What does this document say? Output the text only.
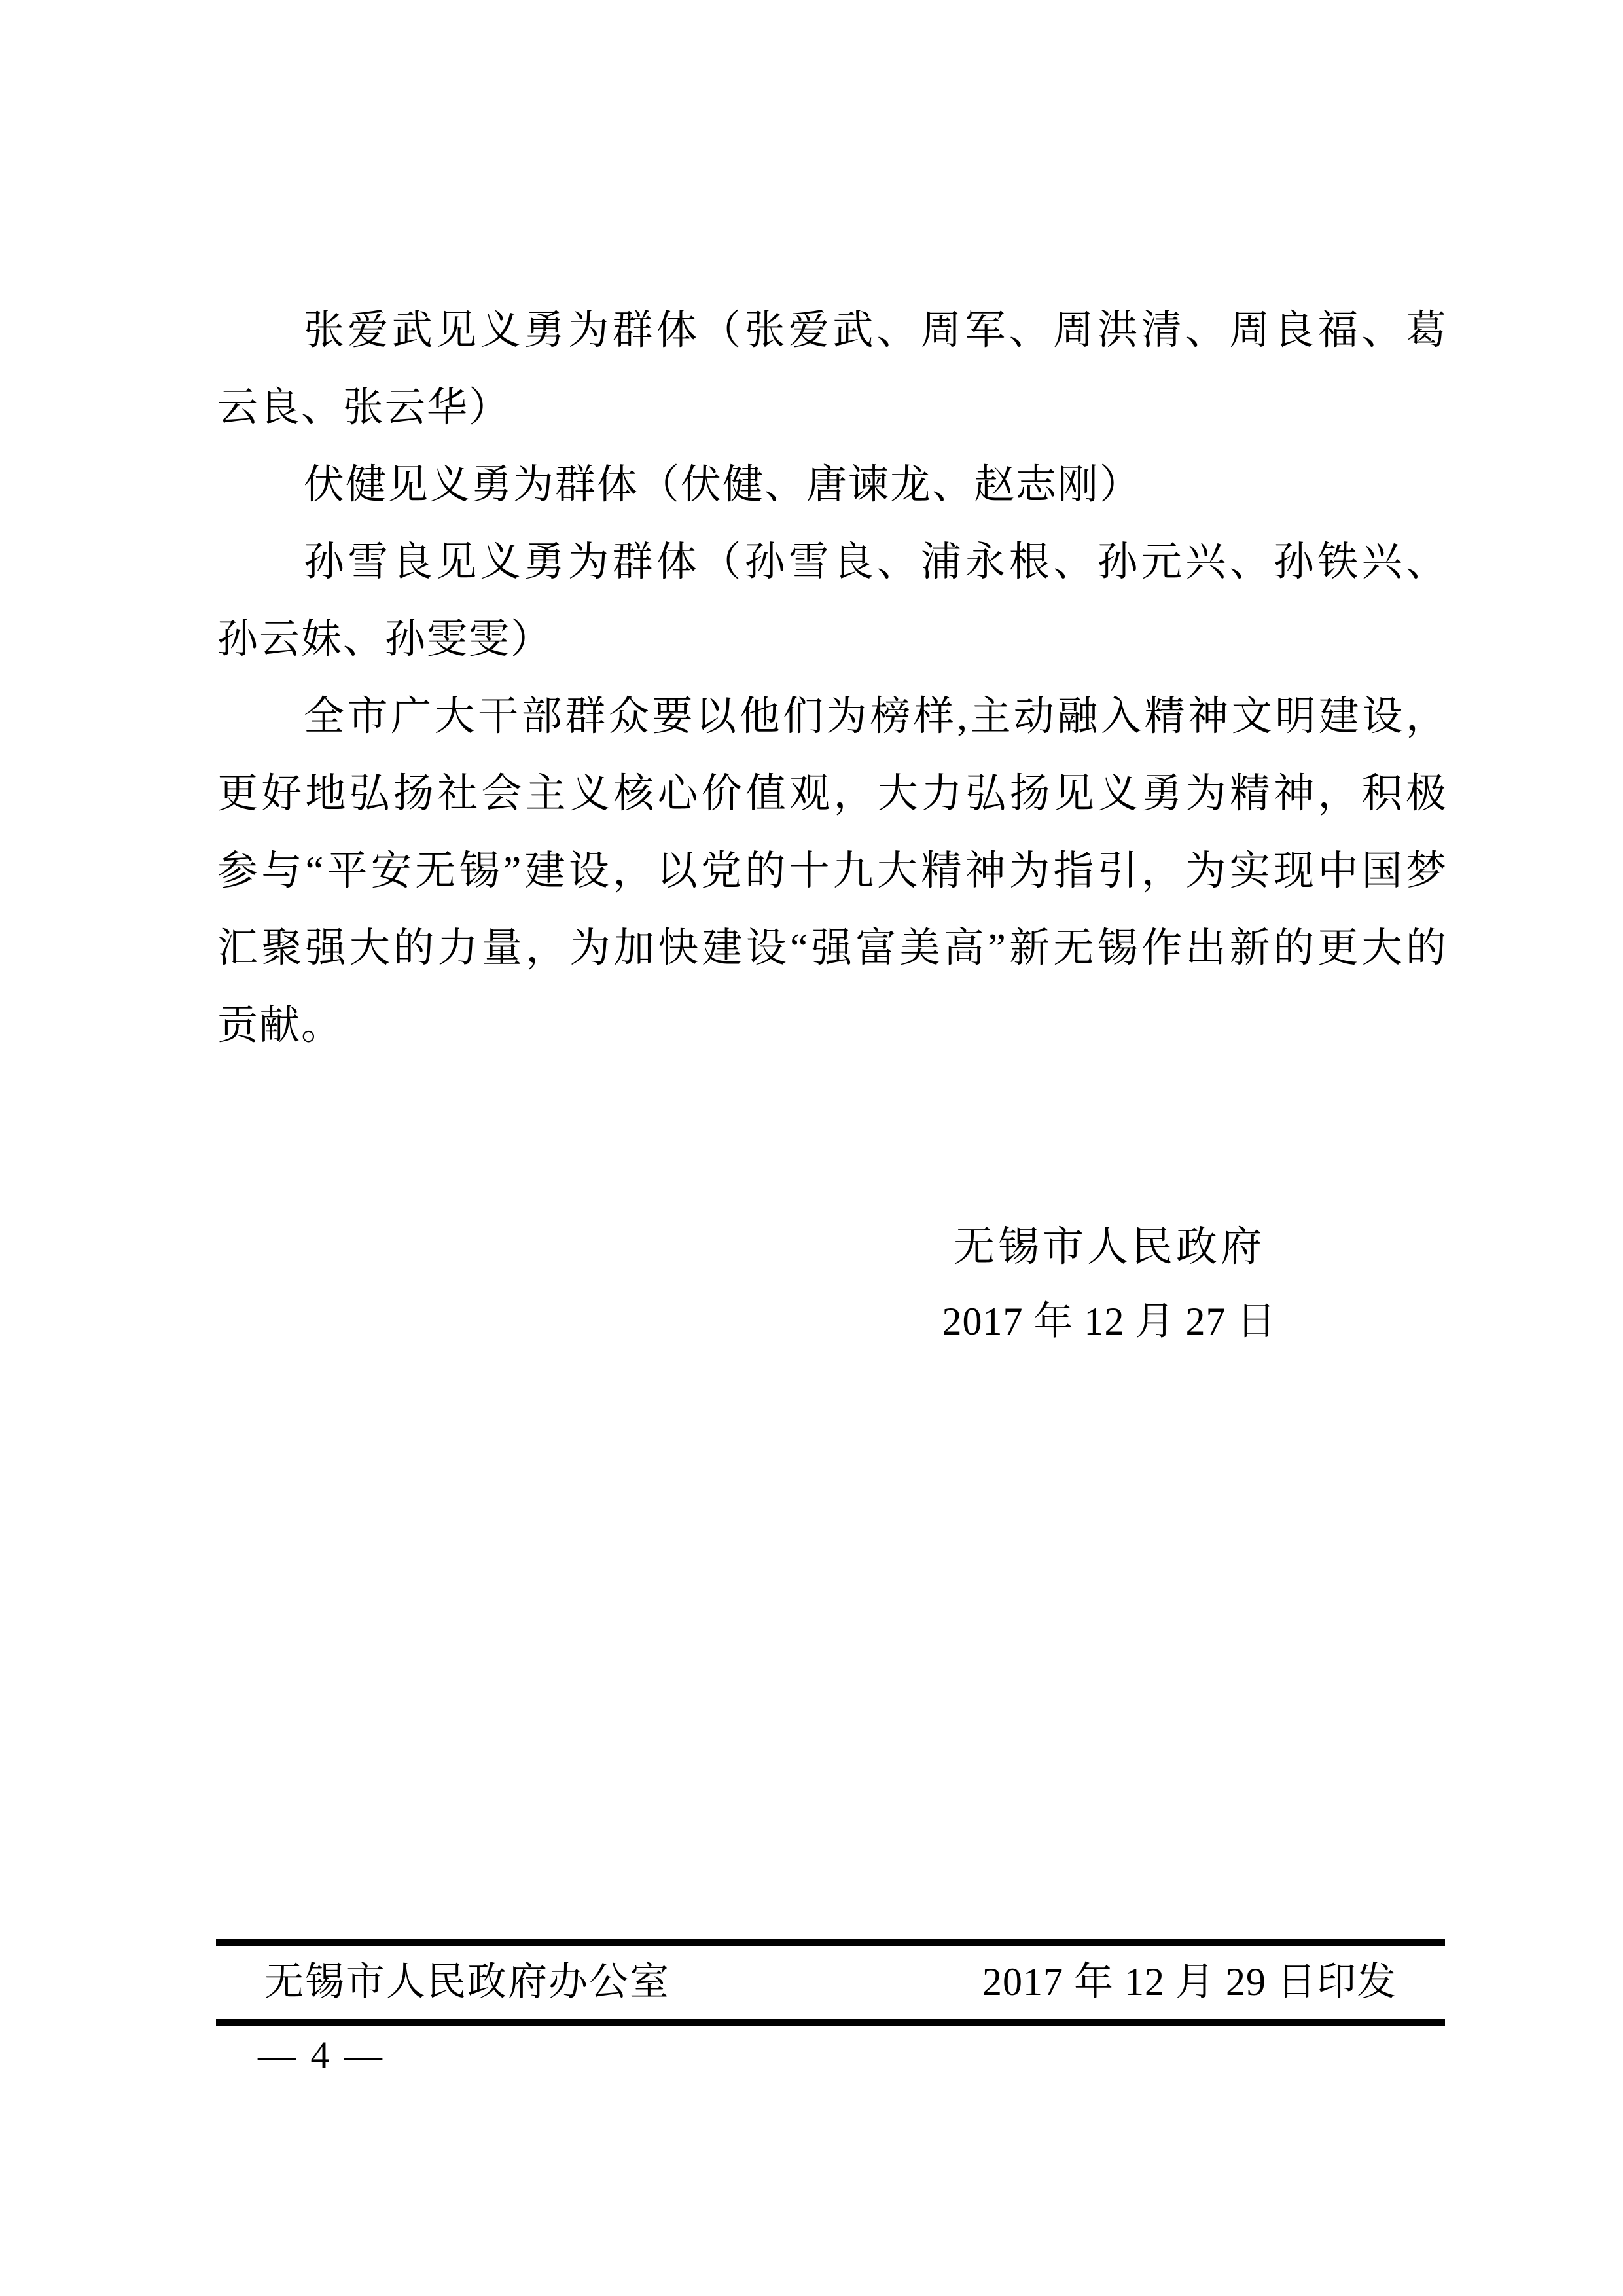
张爱武见义勇为群体（张爱武、周军、周洪清、周良福、葛
云良、张云华）
伏健见义勇为群体（伏健、唐谏龙、赵志刚）
孙雪良见义勇为群体（孙雪良、浦永根、孙元兴、孙铁兴、
孙云妹、孙雯雯）
全市广大干部群众要以他们为榜样,主动融入精神文明建设，
更好地弘扬社会主义核心价值观，大力弘扬见义勇为精神，积极
参与“平安无锡”建设，以党的十九大精神为指引，为实现中国梦
汇聚强大的力量，为加快建设“强富美高”新无锡作出新的更大的
贡献。
无锡市人民政府
2017 年 12 月 27 日
无锡市人民政府办公室	2017 年 12 月 29 日印发
— 4 —
